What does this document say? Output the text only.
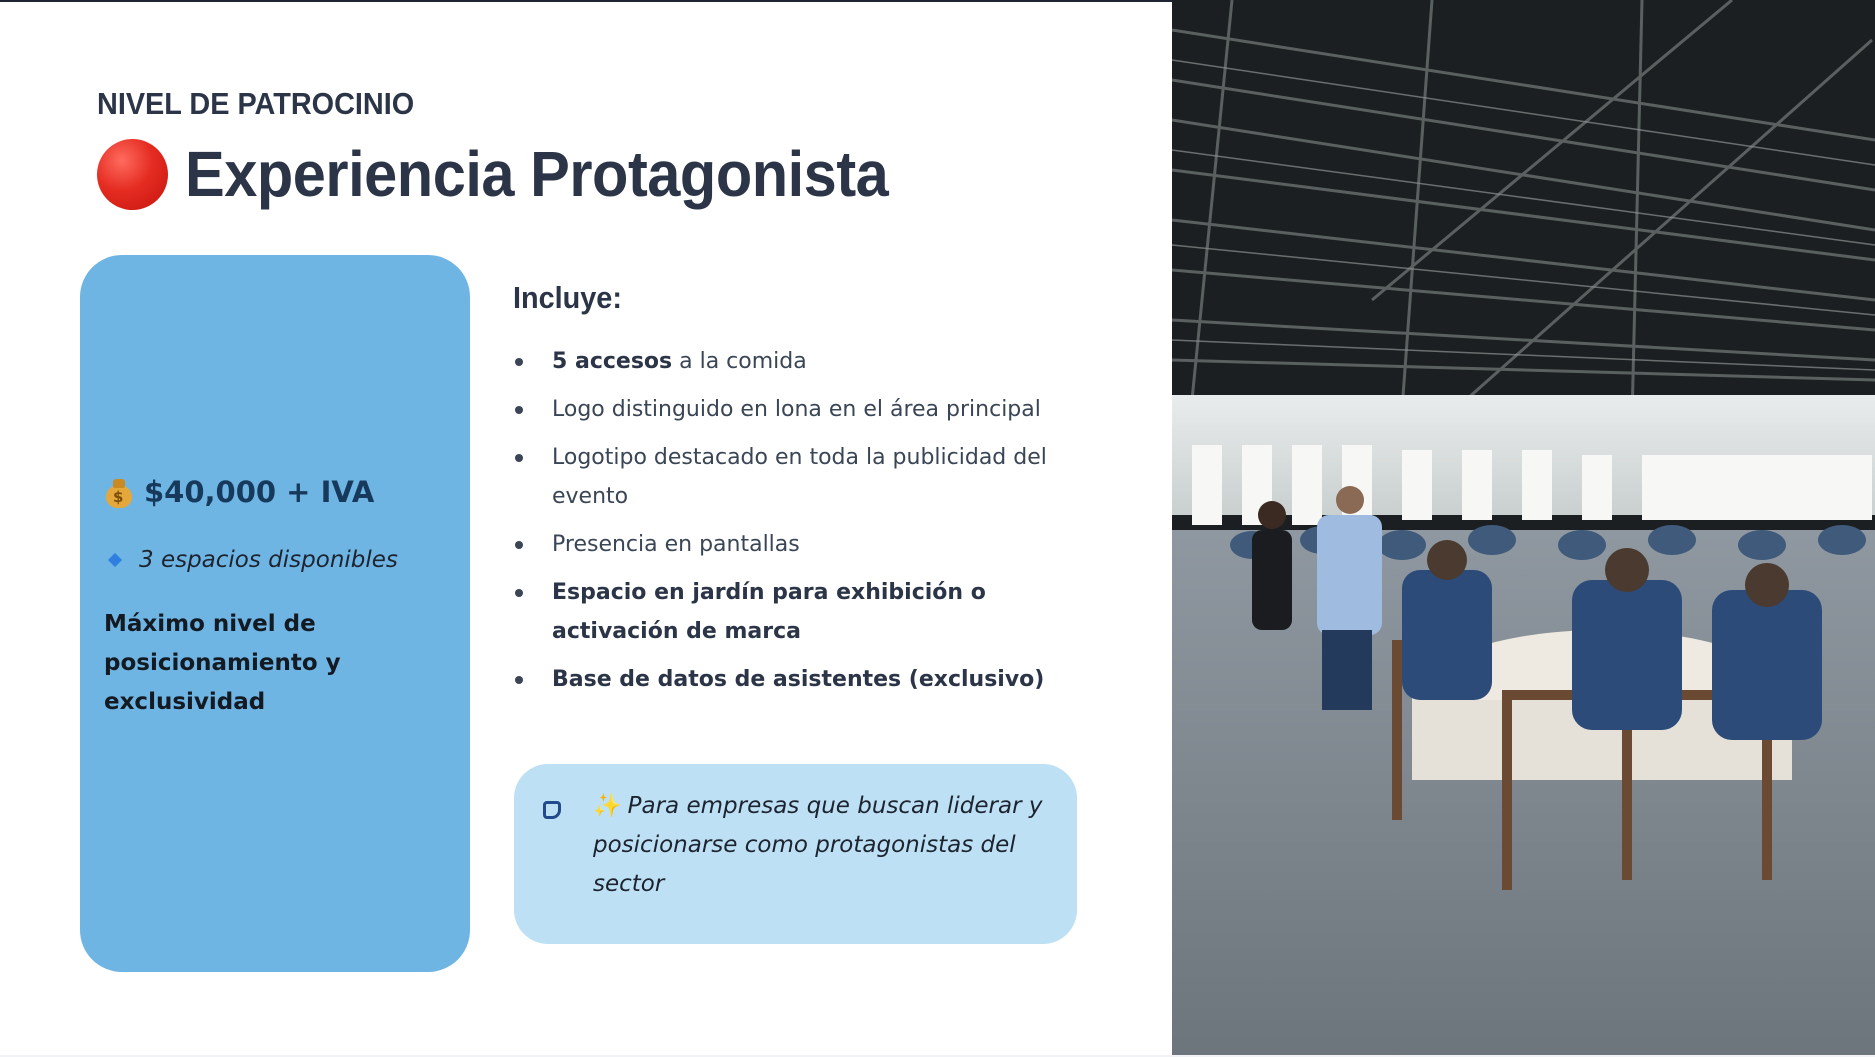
NIVEL DE PATROCINIO
Experiencia Protagonista
$ $40,000 + IVA
3 espacios disponibles
Máximo nivel de posicionamiento y exclusividad
Incluye:
5 accesos a la comida
Logo distinguido en lona en el área principal
Logotipo destacado en toda la publicidad del evento
Presencia en pantallas
Espacio en jardín para exhibición o activación de marca
Base de datos de asistentes (exclusivo)
✨ Para empresas que buscan liderar y posicionarse como protagonistas del sector
